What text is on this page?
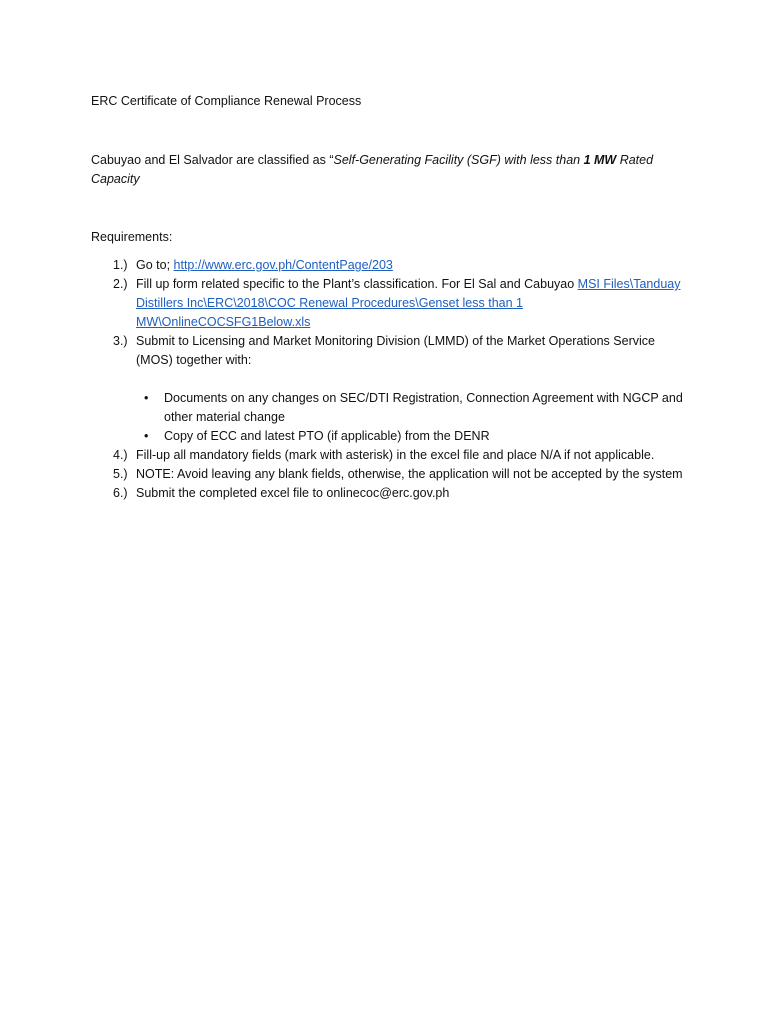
ERC Certificate of Compliance Renewal Process
Cabuyao and El Salvador are classified as “Self-Generating Facility (SGF) with less than 1 MW Rated Capacity
Requirements:
1.) Go to; http://www.erc.gov.ph/ContentPage/203
2.) Fill up form related specific to the Plant’s classification. For El Sal and Cabuyao MSI Files\Tanduay Distillers Inc\ERC\2018\COC Renewal Procedures\Genset less than 1 MW\OnlineCOCSFG1Below.xls
3.) Submit to Licensing and Market Monitoring Division (LMMD) of the Market Operations Service (MOS) together with:
• Documents on any changes on SEC/DTI Registration, Connection Agreement with NGCP and other material change
• Copy of ECC and latest PTO (if applicable) from the DENR
4.) Fill-up all mandatory fields (mark with asterisk) in the excel file and place N/A if not applicable.
5.) NOTE: Avoid leaving any blank fields, otherwise, the application will not be accepted by the system
6.) Submit the completed excel file to onlinecoc@erc.gov.ph
